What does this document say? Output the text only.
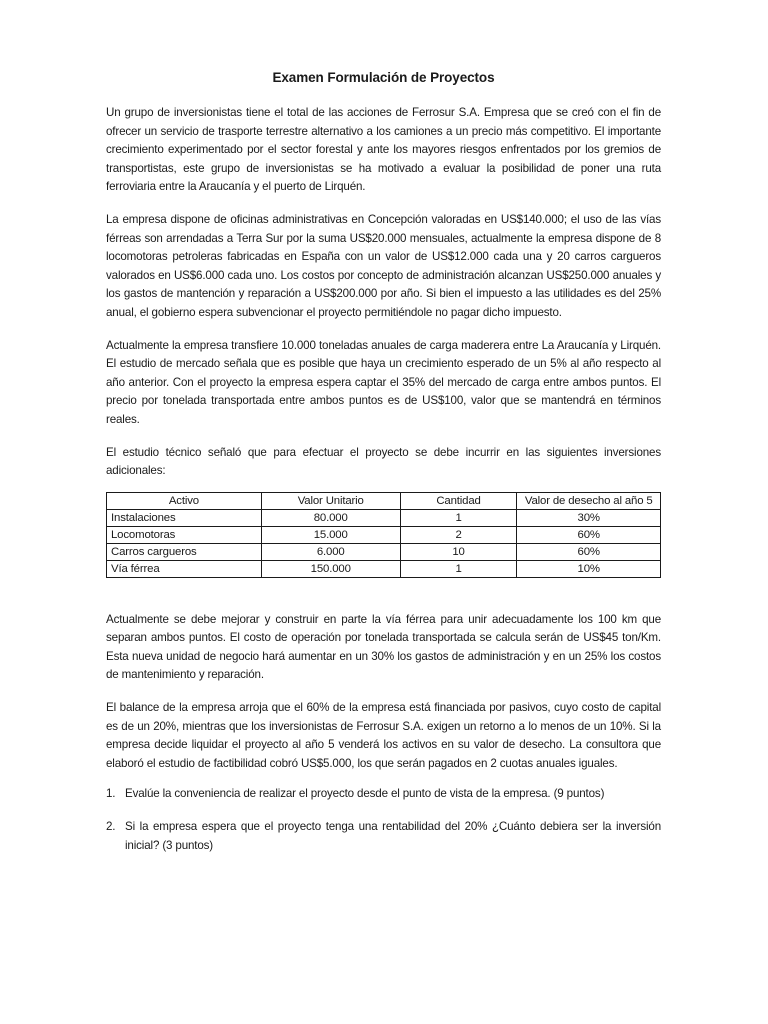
Examen Formulación de Proyectos

Un grupo de inversionistas tiene el total de las acciones de Ferrosur S.A. Empresa que se creó con el fin de ofrecer un servicio de trasporte terrestre alternativo a los camiones a un precio más competitivo. El importante crecimiento experimentado por el sector forestal y ante los mayores riesgos enfrentados por los gremios de transportistas, este grupo de inversionistas se ha motivado a evaluar la posibilidad de poner una ruta ferroviaria entre la Araucanía y el puerto de Lirquén.

La empresa dispone de oficinas administrativas en Concepción valoradas en US$140.000; el uso de las vías férreas son arrendadas a Terra Sur por la suma US$20.000 mensuales, actualmente la empresa dispone de 8 locomotoras petroleras fabricadas en España con un valor de US$12.000 cada una y 20 carros cargueros valorados en US$6.000 cada uno. Los costos por concepto de administración alcanzan US$250.000 anuales y los gastos de mantención y reparación a US$200.000 por año. Si bien el impuesto a las utilidades es del 25% anual, el gobierno espera subvencionar el proyecto permitiéndole no pagar dicho impuesto.

Actualmente la empresa transfiere 10.000 toneladas anuales de carga maderera entre La Araucanía y Lirquén. El estudio de mercado señala que es posible que haya un crecimiento esperado de un 5% al año respecto al año anterior. Con el proyecto la empresa espera captar el 35% del mercado de carga entre ambos puntos. El precio por tonelada transportada entre ambos puntos es de US$100, valor que se mantendrá en términos reales.

El estudio técnico señaló que para efectuar el proyecto se debe incurrir en las siguientes inversiones adicionales:

Activo	Valor Unitario	Cantidad	Valor de desecho al año 5
Instalaciones	80.000	1	30%
Locomotoras	15.000	2	60%
Carros cargueros	6.000	10	60%
Vía férrea	150.000	1	10%

Actualmente se debe mejorar y construir en parte la vía férrea para unir adecuadamente los 100 km que separan ambos puntos. El costo de operación por tonelada transportada se calcula serán de US$45 ton/Km. Esta nueva unidad de negocio hará aumentar en un 30% los gastos de administración y en un 25% los costos de mantenimiento y reparación.

El balance de la empresa arroja que el 60% de la empresa está financiada por pasivos, cuyo costo de capital es de un 20%, mientras que los inversionistas de Ferrosur S.A. exigen un retorno a lo menos de un 10%. Si la empresa decide liquidar el proyecto al año 5 venderá los activos en su valor de desecho. La consultora que elaboró el estudio de factibilidad cobró US$5.000, los que serán pagados en 2 cuotas anuales iguales.

1. Evalúe la conveniencia de realizar el proyecto desde el punto de vista de la empresa. (9 puntos)
2. Si la empresa espera que el proyecto tenga una rentabilidad del 20% ¿Cuánto debiera ser la inversión inicial? (3 puntos)
